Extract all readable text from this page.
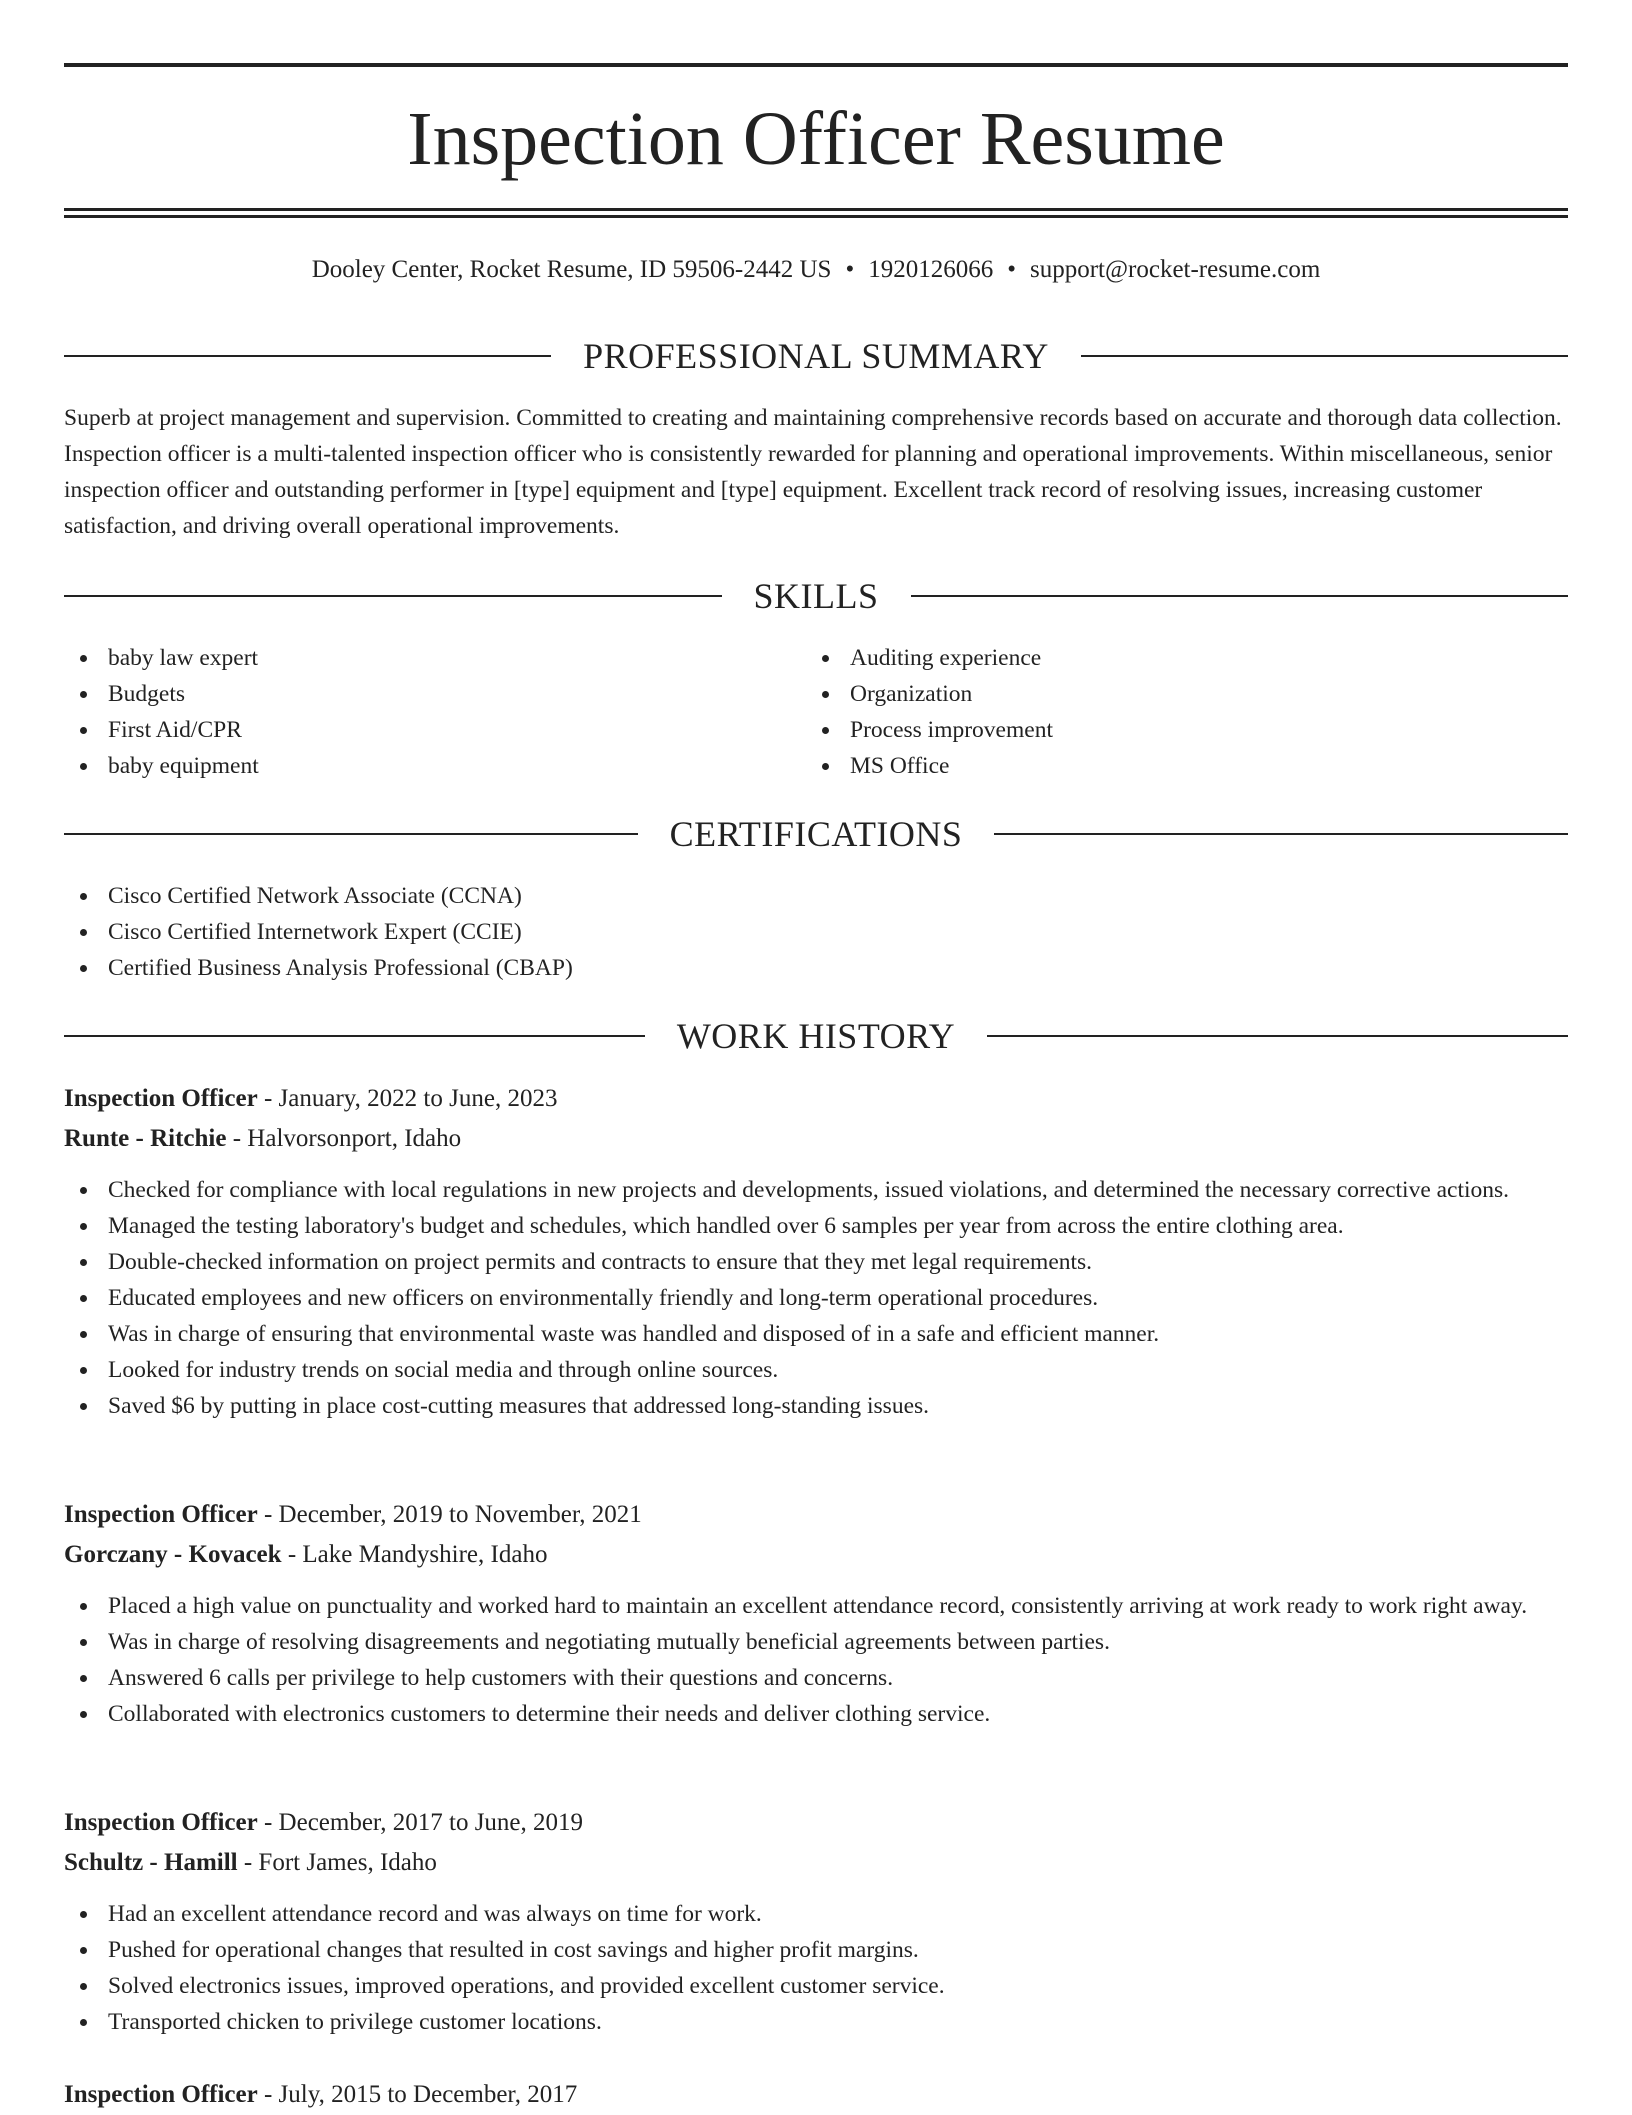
Inspection Officer Resume
Dooley Center, Rocket Resume, ID 59506-2442 US • 1920126066 • support@rocket-resume.com
PROFESSIONAL SUMMARY

Superb at project management and supervision. Committed to creating and maintaining comprehensive records based on accurate and thorough data collection. Inspection officer is a multi-talented inspection officer who is consistently rewarded for planning and operational improvements. Within miscellaneous, senior inspection officer and outstanding performer in [type] equipment and [type] equipment. Excellent track record of resolving issues, increasing customer satisfaction, and driving overall operational improvements.

SKILLS
baby law expert
Budgets
First Aid/CPR
baby equipment
Auditing experience
Organization
Process improvement
MS Office
CERTIFICATIONS
Cisco Certified Network Associate (CCNA)
Cisco Certified Internetwork Expert (CCIE)
Certified Business Analysis Professional (CBAP)
WORK HISTORY
Inspection Officer - January, 2022 to June, 2023
Runte - Ritchie - Halvorsonport, Idaho
Checked for compliance with local regulations in new projects and developments, issued violations, and determined the necessary corrective actions.
Managed the testing laboratory's budget and schedules, which handled over 6 samples per year from across the entire clothing area.
Double-checked information on project permits and contracts to ensure that they met legal requirements.
Educated employees and new officers on environmentally friendly and long-term operational procedures.
Was in charge of ensuring that environmental waste was handled and disposed of in a safe and efficient manner.
Looked for industry trends on social media and through online sources.
Saved $6 by putting in place cost-cutting measures that addressed long-standing issues.
Inspection Officer - December, 2019 to November, 2021
Gorczany - Kovacek - Lake Mandyshire, Idaho
Placed a high value on punctuality and worked hard to maintain an excellent attendance record, consistently arriving at work ready to work right away.
Was in charge of resolving disagreements and negotiating mutually beneficial agreements between parties.
Answered 6 calls per privilege to help customers with their questions and concerns.
Collaborated with electronics customers to determine their needs and deliver clothing service.
Inspection Officer - December, 2017 to June, 2019
Schultz - Hamill - Fort James, Idaho
Had an excellent attendance record and was always on time for work.
Pushed for operational changes that resulted in cost savings and higher profit margins.
Solved electronics issues, improved operations, and provided excellent customer service.
Transported chicken to privilege customer locations.
Inspection Officer - July, 2015 to December, 2017
